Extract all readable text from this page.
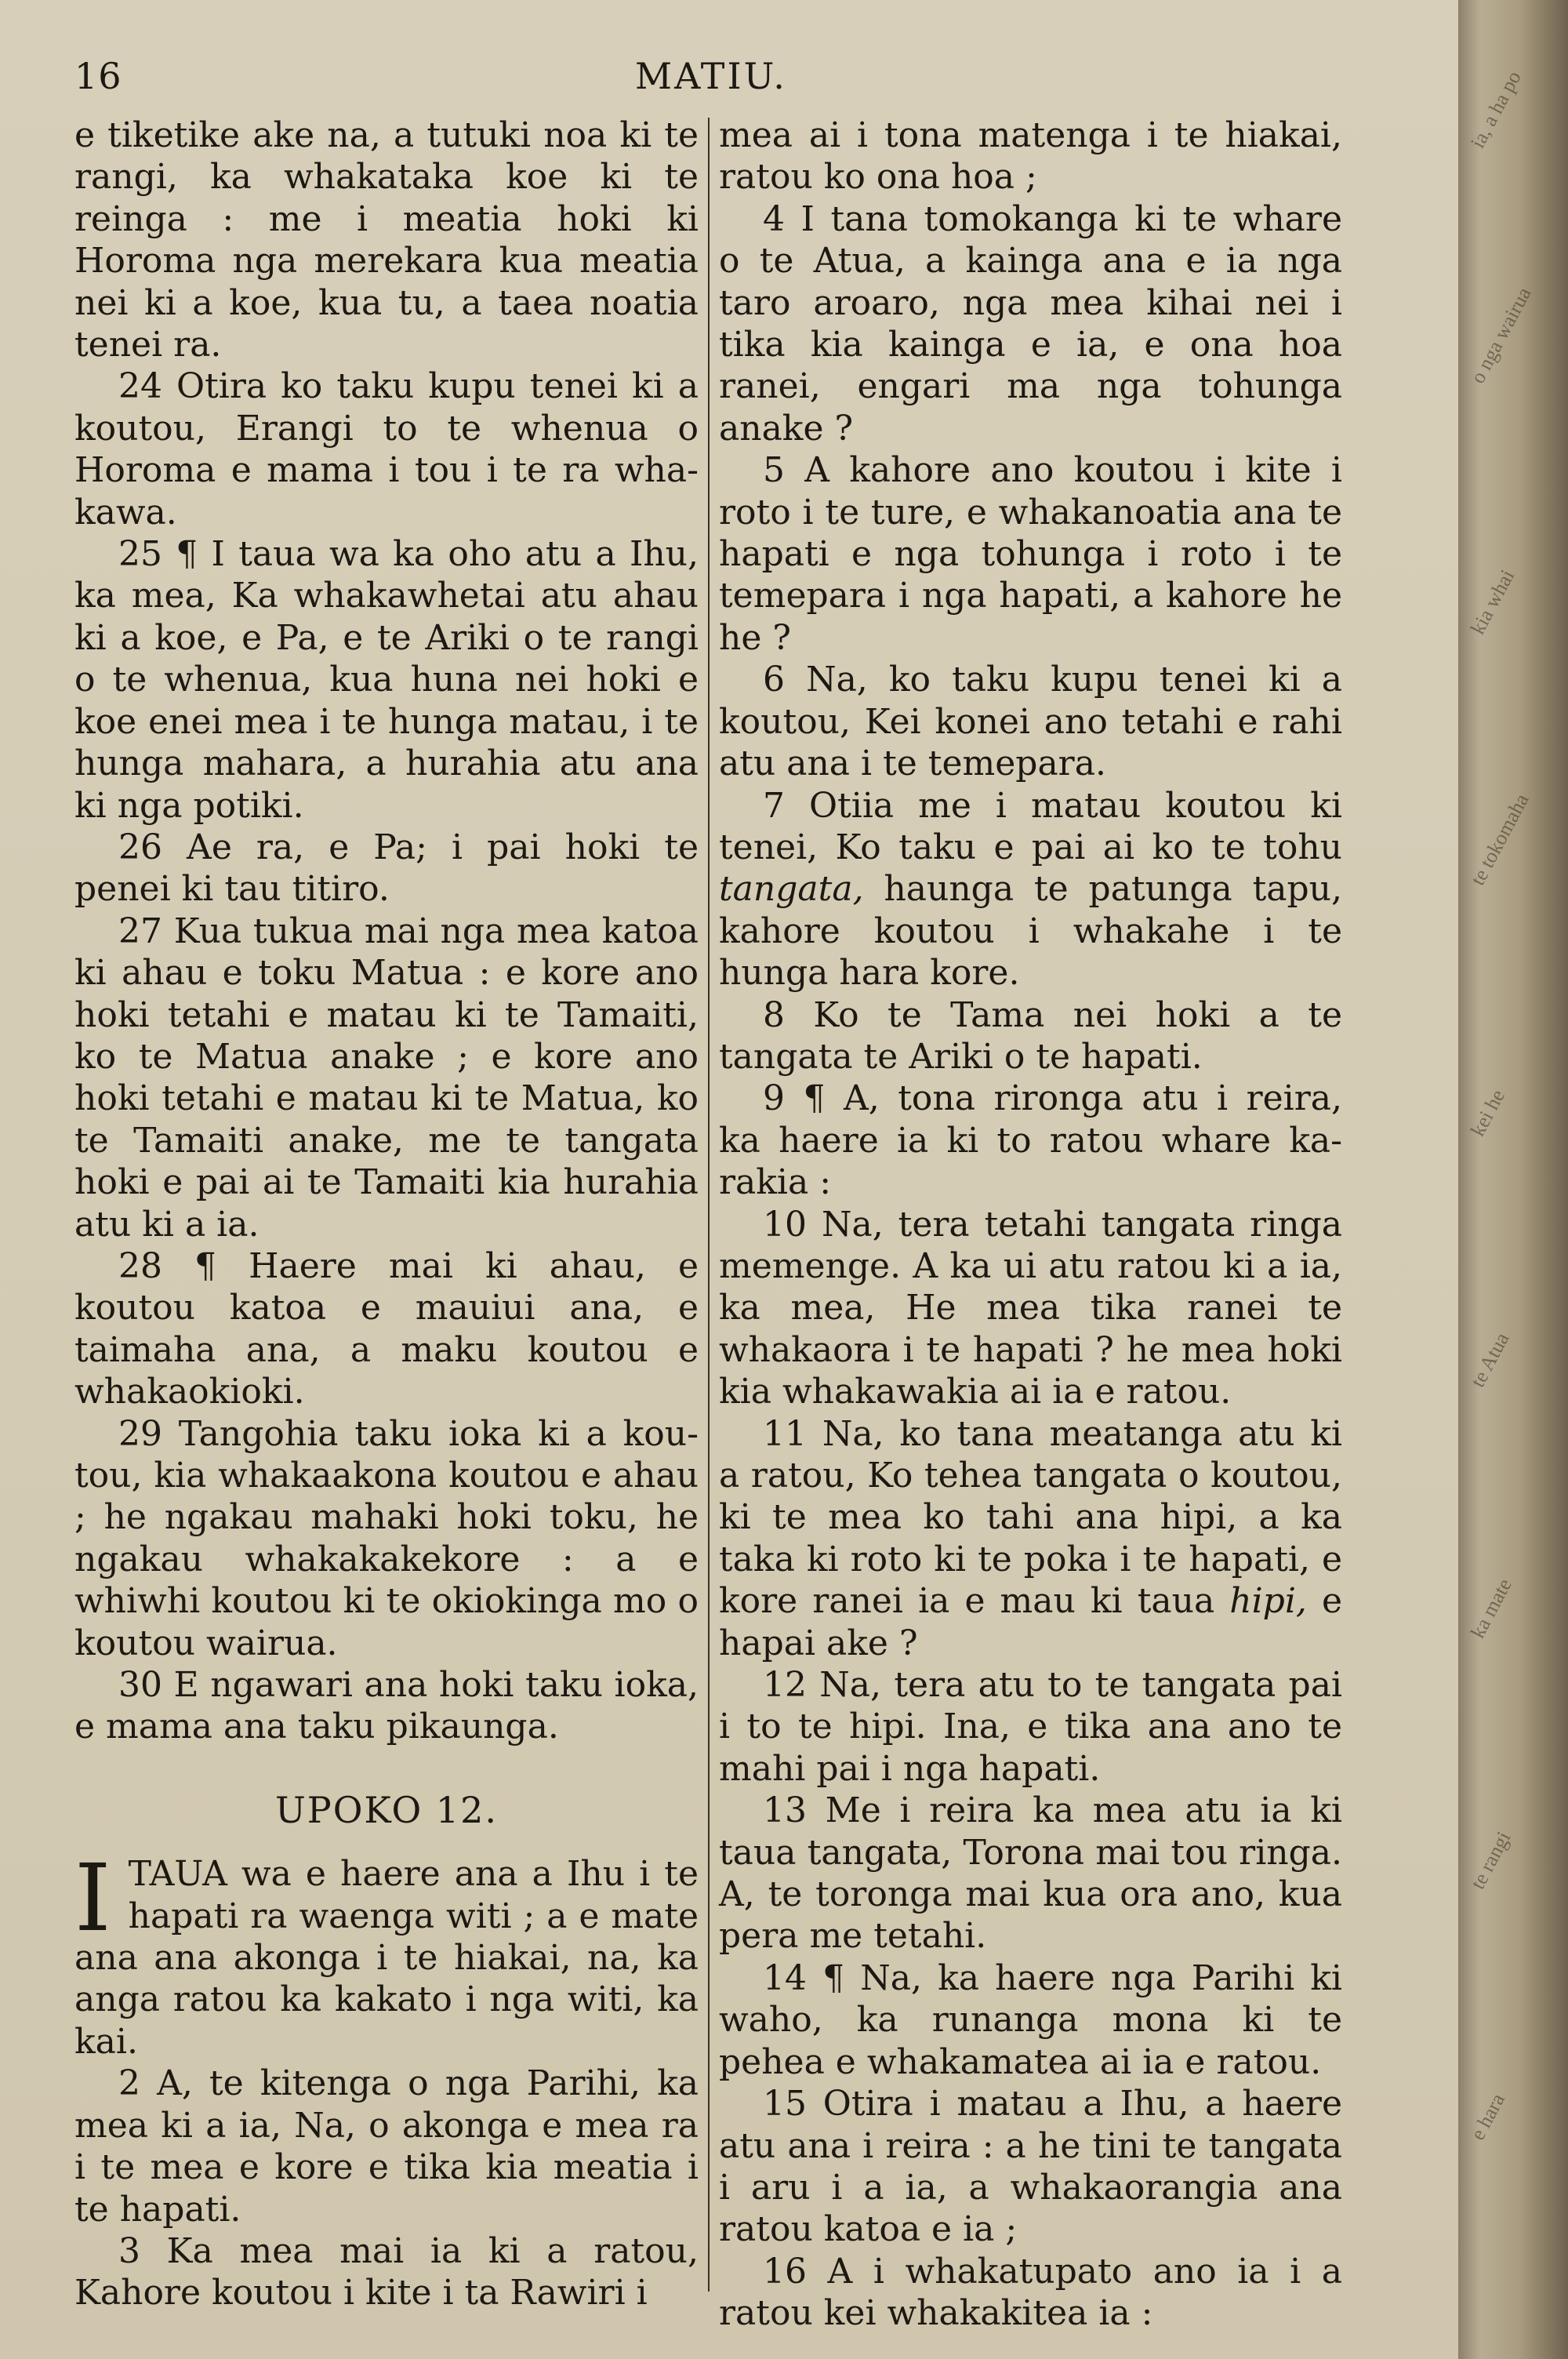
16	MATIU.

e tiketike ake na, a tutuki noa ki te rangi, ka whakataka koe ki te reinga : me i meatia hoki ki Horoma nga merekara kua meatia nei ki a koe, kua tu, a taea noatia tenei ra.

24 Otira ko taku kupu tenei ki a koutou, Erangi to te whenua o Horoma e mama i tou i te ra whakawa.

25 ¶ I taua wa ka oho atu a Ihu, ka mea, Ka whakawhetai atu ahau ki a koe, e Pa, e te Ariki o te rangi o te whenua, kua huna nei hoki e koe enei mea i te hunga matau, i te hunga mahara, a hurahia atu ana ki nga potiki.

26 Ae ra, e Pa; i pai hoki te penei ki tau titiro.

27 Kua tukua mai nga mea katoa ki ahau e toku Matua : e kore ano hoki tetahi e matau ki te Tamaiti, ko te Matua anake ; e kore ano hoki tetahi e matau ki te Matua, ko te Tamaiti anake, me te tangata hoki e pai ai te Tamaiti kia hurahia atu ki a ia.

28 ¶ Haere mai ki ahau, e koutou katoa e mauiui ana, e taimaha ana, a maku koutou e whakaokioki.

29 Tangohia taku ioka ki a koutou, kia whakaakona koutou e ahau ; he ngakau mahaki hoki toku, he ngakau whakakakekore : a e whiwhi koutou ki te okiokinga mo o koutou wairua.

30 E ngawari ana hoki taku ioka, e mama ana taku pikaunga.

UPOKO 12.

ITAUA wa e haere ana a Ihu i te hapati ra waenga witi ; a e mate ana ana akonga i te hiakai, na, ka anga ratou ka kakato i nga witi, ka kai.

2 A, te kitenga o nga Parihi, ka mea ki a ia, Na, o akonga e mea ra i te mea e kore e tika kia meatia i te hapati.

3 Ka mea mai ia ki a ratou, Kahore koutou i kite i ta Rawiri i

mea ai i tona matenga i te hiakai, ratou ko ona hoa ;

4 I tana tomokanga ki te whare o te Atua, a kainga ana e ia nga taro aroaro, nga mea kihai nei i tika kia kainga e ia, e ona hoa ranei, engari ma nga tohunga anake ?

5 A kahore ano koutou i kite i roto i te ture, e whakanoatia ana te hapati e nga tohunga i roto i te temepara i nga hapati, a kahore he he ?

6 Na, ko taku kupu tenei ki a koutou, Kei konei ano tetahi e rahi atu ana i te temepara.

7 Otiia me i matau koutou ki tenei, Ko taku e pai ai ko te tohu tangata, haunga te patunga tapu, kahore koutou i whakahe i te hunga hara kore.

8 Ko te Tama nei hoki a te tangata te Ariki o te hapati.

9 ¶ A, tona rironga atu i reira, ka haere ia ki to ratou whare karakia :

10 Na, tera tetahi tangata ringa memenge. A ka ui atu ratou ki a ia, ka mea, He mea tika ranei te whakaora i te hapati ? he mea hoki kia whakawakia ai ia e ratou.

11 Na, ko tana meatanga atu ki a ratou, Ko tehea tangata o koutou, ki te mea ko tahi ana hipi, a ka taka ki roto ki te poka i te hapati, e kore ranei ia e mau ki taua hipi, e hapai ake ?

12 Na, tera atu to te tangata pai i to te hipi. Ina, e tika ana ano te mahi pai i nga hapati.

13 Me i reira ka mea atu ia ki taua tangata, Torona mai tou ringa. A, te toronga mai kua ora ano, kua pera me tetahi.

14 ¶ Na, ka haere nga Parihi ki waho, ka runanga mona ki te pehea e whakamatea ai ia e ratou.

15 Otira i matau a Ihu, a haere atu ana i reira : a he tini te tangata i aru i a ia, a whakaorangia ana ratou katoa e ia ;

16 A i whakatupato ano ia i a ratou kei whakakitea ia :

ia, a ha po
o nga wairua
kia whai
te tokomaha
kei he
te Atua
ka mate
te rangi
e hara
